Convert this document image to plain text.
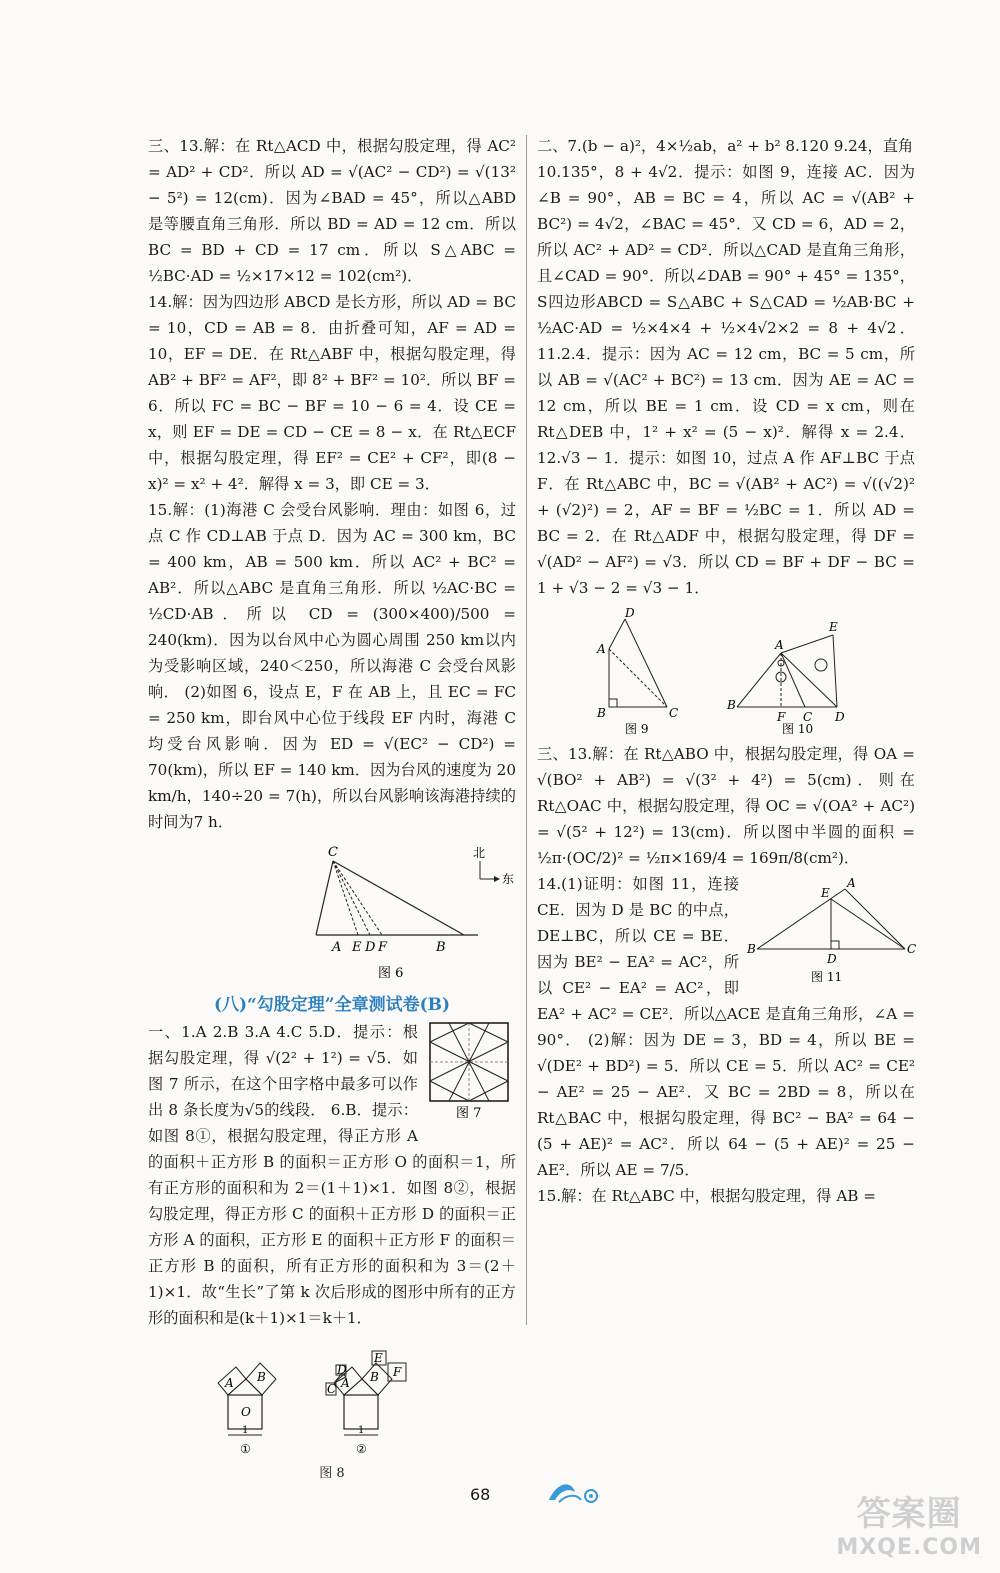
三、13.解：在 Rt△ACD 中，根据勾股定理，得 AC² = AD² + CD²．所以 AD = √(AC² − CD²) = √(13² − 5²) = 12(cm)．因为∠BAD = 45°，所以△ABD 是等腰直角三角形．所以 BD = AD = 12 cm．所以 BC = BD + CD = 17 cm．所以 S△ABC = ½BC·AD = ½×17×12 = 102(cm²)．

14.解：因为四边形 ABCD 是长方形，所以 AD = BC = 10，CD = AB = 8．由折叠可知，AF = AD = 10，EF = DE．在 Rt△ABF 中，根据勾股定理，得 AB² + BF² = AF²，即 8² + BF² = 10²．所以 BF = 6．所以 FC = BC − BF = 10 − 6 = 4．设 CE = x，则 EF = DE = CD − CE = 8 − x．在 Rt△ECF 中，根据勾股定理，得 EF² = CE² + CF²，即(8 − x)² = x² + 4²．解得 x = 3，即 CE = 3．

15.解：(1)海港 C 会受台风影响．理由：如图 6，过点 C 作 CD⊥AB 于点 D．因为 AC = 300 km，BC = 400 km，AB = 500 km．所以 AC² + BC² = AB²．所以△ABC 是直角三角形．所以 ½AC·BC = ½CD·AB．所以 CD = (300×400)/500 = 240(km)．因为以台风中心为圆心周围 250 km以内为受影响区域，240＜250，所以海港 C 会受台风影响． (2)如图 6，设点 E，F 在 AB 上，且 EC = FC = 250 km，即台风中心位于线段 EF 内时，海港 C 均受台风影响．因为 ED = √(EC² − CD²) = 70(km)，所以 EF = 140 km．因为台风的速度为 20 km/h，140÷20 = 7(h)，所以台风影响该海港持续的时间为7 h．

C
A E D F	B
北
东
图 6

(八)“勾股定理”全章测试卷(B)

图 7

一、1.A 2.B 3.A 4.C 5.D．提示：根据勾股定理，得 √(2² + 1²) = √5．如图 7 所示，在这个田字格中最多可以作出 8 条长度为√5的线段． 6.B．提示：如图 8①，根据勾股定理，得正方形 A 的面积＋正方形 B 的面积＝正方形 O 的面积＝1，所有正方形的面积和为 2＝(1＋1)×1．如图 8②，根据勾股定理，得正方形 C 的面积＋正方形 D 的面积＝正方形 A 的面积，正方形 E 的面积＋正方形 F 的面积＝正方形 B 的面积，所有正方形的面积和为 3＝(2＋1)×1．故“生长”了第 k 次后形成的图形中所有的正方形的面积和是(k＋1)×1＝k＋1．

O
A B
1
①
A B
C
D
E
F
1
②

图 8

二、7.(b − a)²，4×½ab，a² + b² 8.120 9.24，直角

10.135°，8 + 4√2．提示：如图 9，连接 AC．因为∠B = 90°，AB = BC = 4，所以 AC = √(AB² + BC²) = 4√2，∠BAC = 45°．又 CD = 6，AD = 2，所以 AC² + AD² = CD²．所以△CAD 是直角三角形，且∠CAD = 90°．所以∠DAB = 90° + 45° = 135°，S四边形ABCD = S△ABC + S△CAD = ½AB·BC + ½AC·AD = ½×4×4 + ½×4√2×2 = 8 + 4√2． 11.2.4．提示：因为 AC = 12 cm，BC = 5 cm，所以 AB = √(AC² + BC²) = 13 cm．因为 AE = AC = 12 cm，所以 BE = 1 cm．设 CD = x cm，则在 Rt△DEB 中，1² + x² = (5 − x)²．解得 x = 2.4． 12.√3 − 1．提示：如图 10，过点 A 作 AF⊥BC 于点 F．在 Rt△ABC 中，BC = √(AB² + AC²) = √((√2)² + (√2)²) = 2，AF = BF = ½BC = 1．所以 AD = BC = 2．在 Rt△ADF 中，根据勾股定理，得 DF = √(AD² − AF²) = √3．所以 CD = BF + DF − BC = 1 + √3 − 2 = √3 − 1．

A
D
B	C
图 9
A
E
B
F C D
图 10

三、13.解：在 Rt△ABO 中，根据勾股定理，得 OA = √(BO² + AB²) = √(3² + 4²) = 5(cm)．则在 Rt△OAC 中，根据勾股定理，得 OC = √(OA² + AC²) = √(5² + 12²) = 13(cm)．所以图中半圆的面积 = ½π·(OC/2)² = ½π×169/4 = 169π/8(cm²)．

A
E
B
D
C
图 11

14.(1)证明：如图 11，连接 CE．因为 D 是 BC 的中点，DE⊥BC，所以 CE = BE．因为 BE² − EA² = AC²，所以 CE² − EA² = AC²，即 EA² + AC² = CE²．所以△ACE 是直角三角形，∠A = 90°． (2)解：因为 DE = 3，BD = 4，所以 BE = √(DE² + BD²) = 5．所以 CE = 5．所以 AC² = CE² − AE² = 25 − AE²．又 BC = 2BD = 8，所以在 Rt△BAC 中，根据勾股定理，得 BC² − BA² = 64 − (5 + AE)² = AC²．所以 64 − (5 + AE)² = 25 − AE²．所以 AE = 7/5．

15.解：在 Rt△ABC 中，根据勾股定理，得 AB =

68	答案圈
MXQE.COM
